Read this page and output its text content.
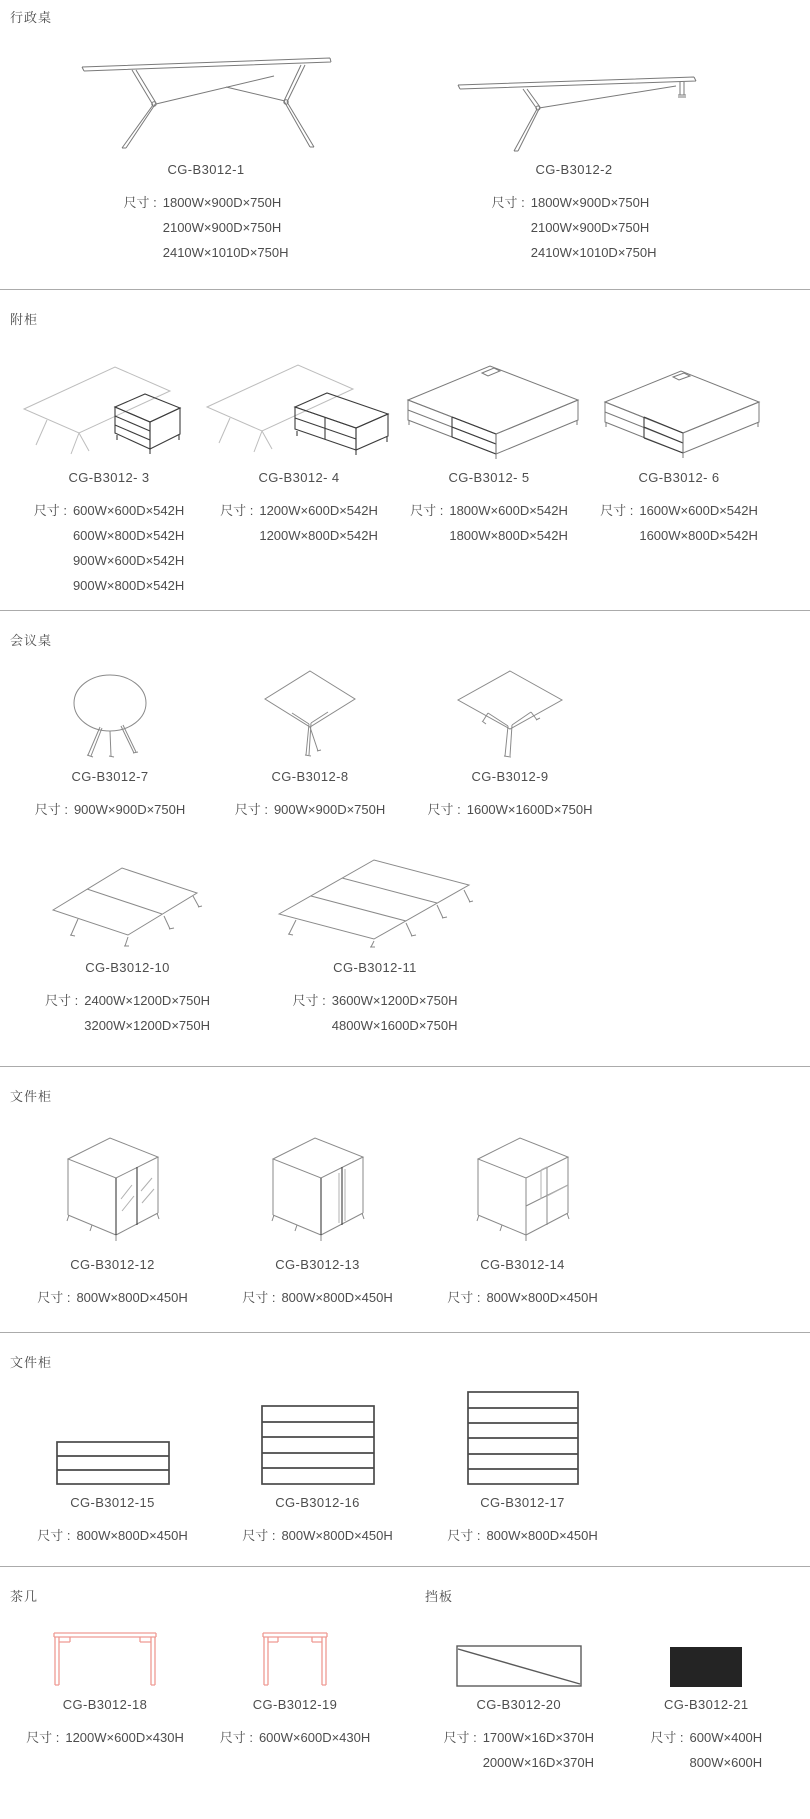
行政桌
CG-B3012-1
尺寸 : 1800W×900D×750H
2100W×900D×750H
2410W×1010D×750H
CG-B3012-2
尺寸 : 1800W×900D×750H
2100W×900D×750H
2410W×1010D×750H
附柜
CG-B3012- 3
尺寸 : 600W×600D×542H
600W×800D×542H
900W×600D×542H
900W×800D×542H
CG-B3012- 4
尺寸 : 1200W×600D×542H
1200W×800D×542H
CG-B3012- 5
尺寸 : 1800W×600D×542H
1800W×800D×542H
CG-B3012- 6
尺寸 : 1600W×600D×542H
1600W×800D×542H
会议桌
CG-B3012-7
尺寸 : 900W×900D×750H
CG-B3012-8
尺寸 : 900W×900D×750H
CG-B3012-9
尺寸 : 1600W×1600D×750H
CG-B3012-10
尺寸 : 2400W×1200D×750H
3200W×1200D×750H
CG-B3012-11
尺寸 : 3600W×1200D×750H
4800W×1600D×750H
文件柜
CG-B3012-12
尺寸 : 800W×800D×450H
CG-B3012-13
尺寸 : 800W×800D×450H
CG-B3012-14
尺寸 : 800W×800D×450H
文件柜
CG-B3012-15
尺寸 : 800W×800D×450H
CG-B3012-16
尺寸 : 800W×800D×450H
CG-B3012-17
尺寸 : 800W×800D×450H
茶几
CG-B3012-18
尺寸 : 1200W×600D×430H
CG-B3012-19
尺寸 : 600W×600D×430H
挡板
CG-B3012-20
尺寸 : 1700W×16D×370H
2000W×16D×370H
CG-B3012-21
尺寸 : 600W×400H
800W×600H
